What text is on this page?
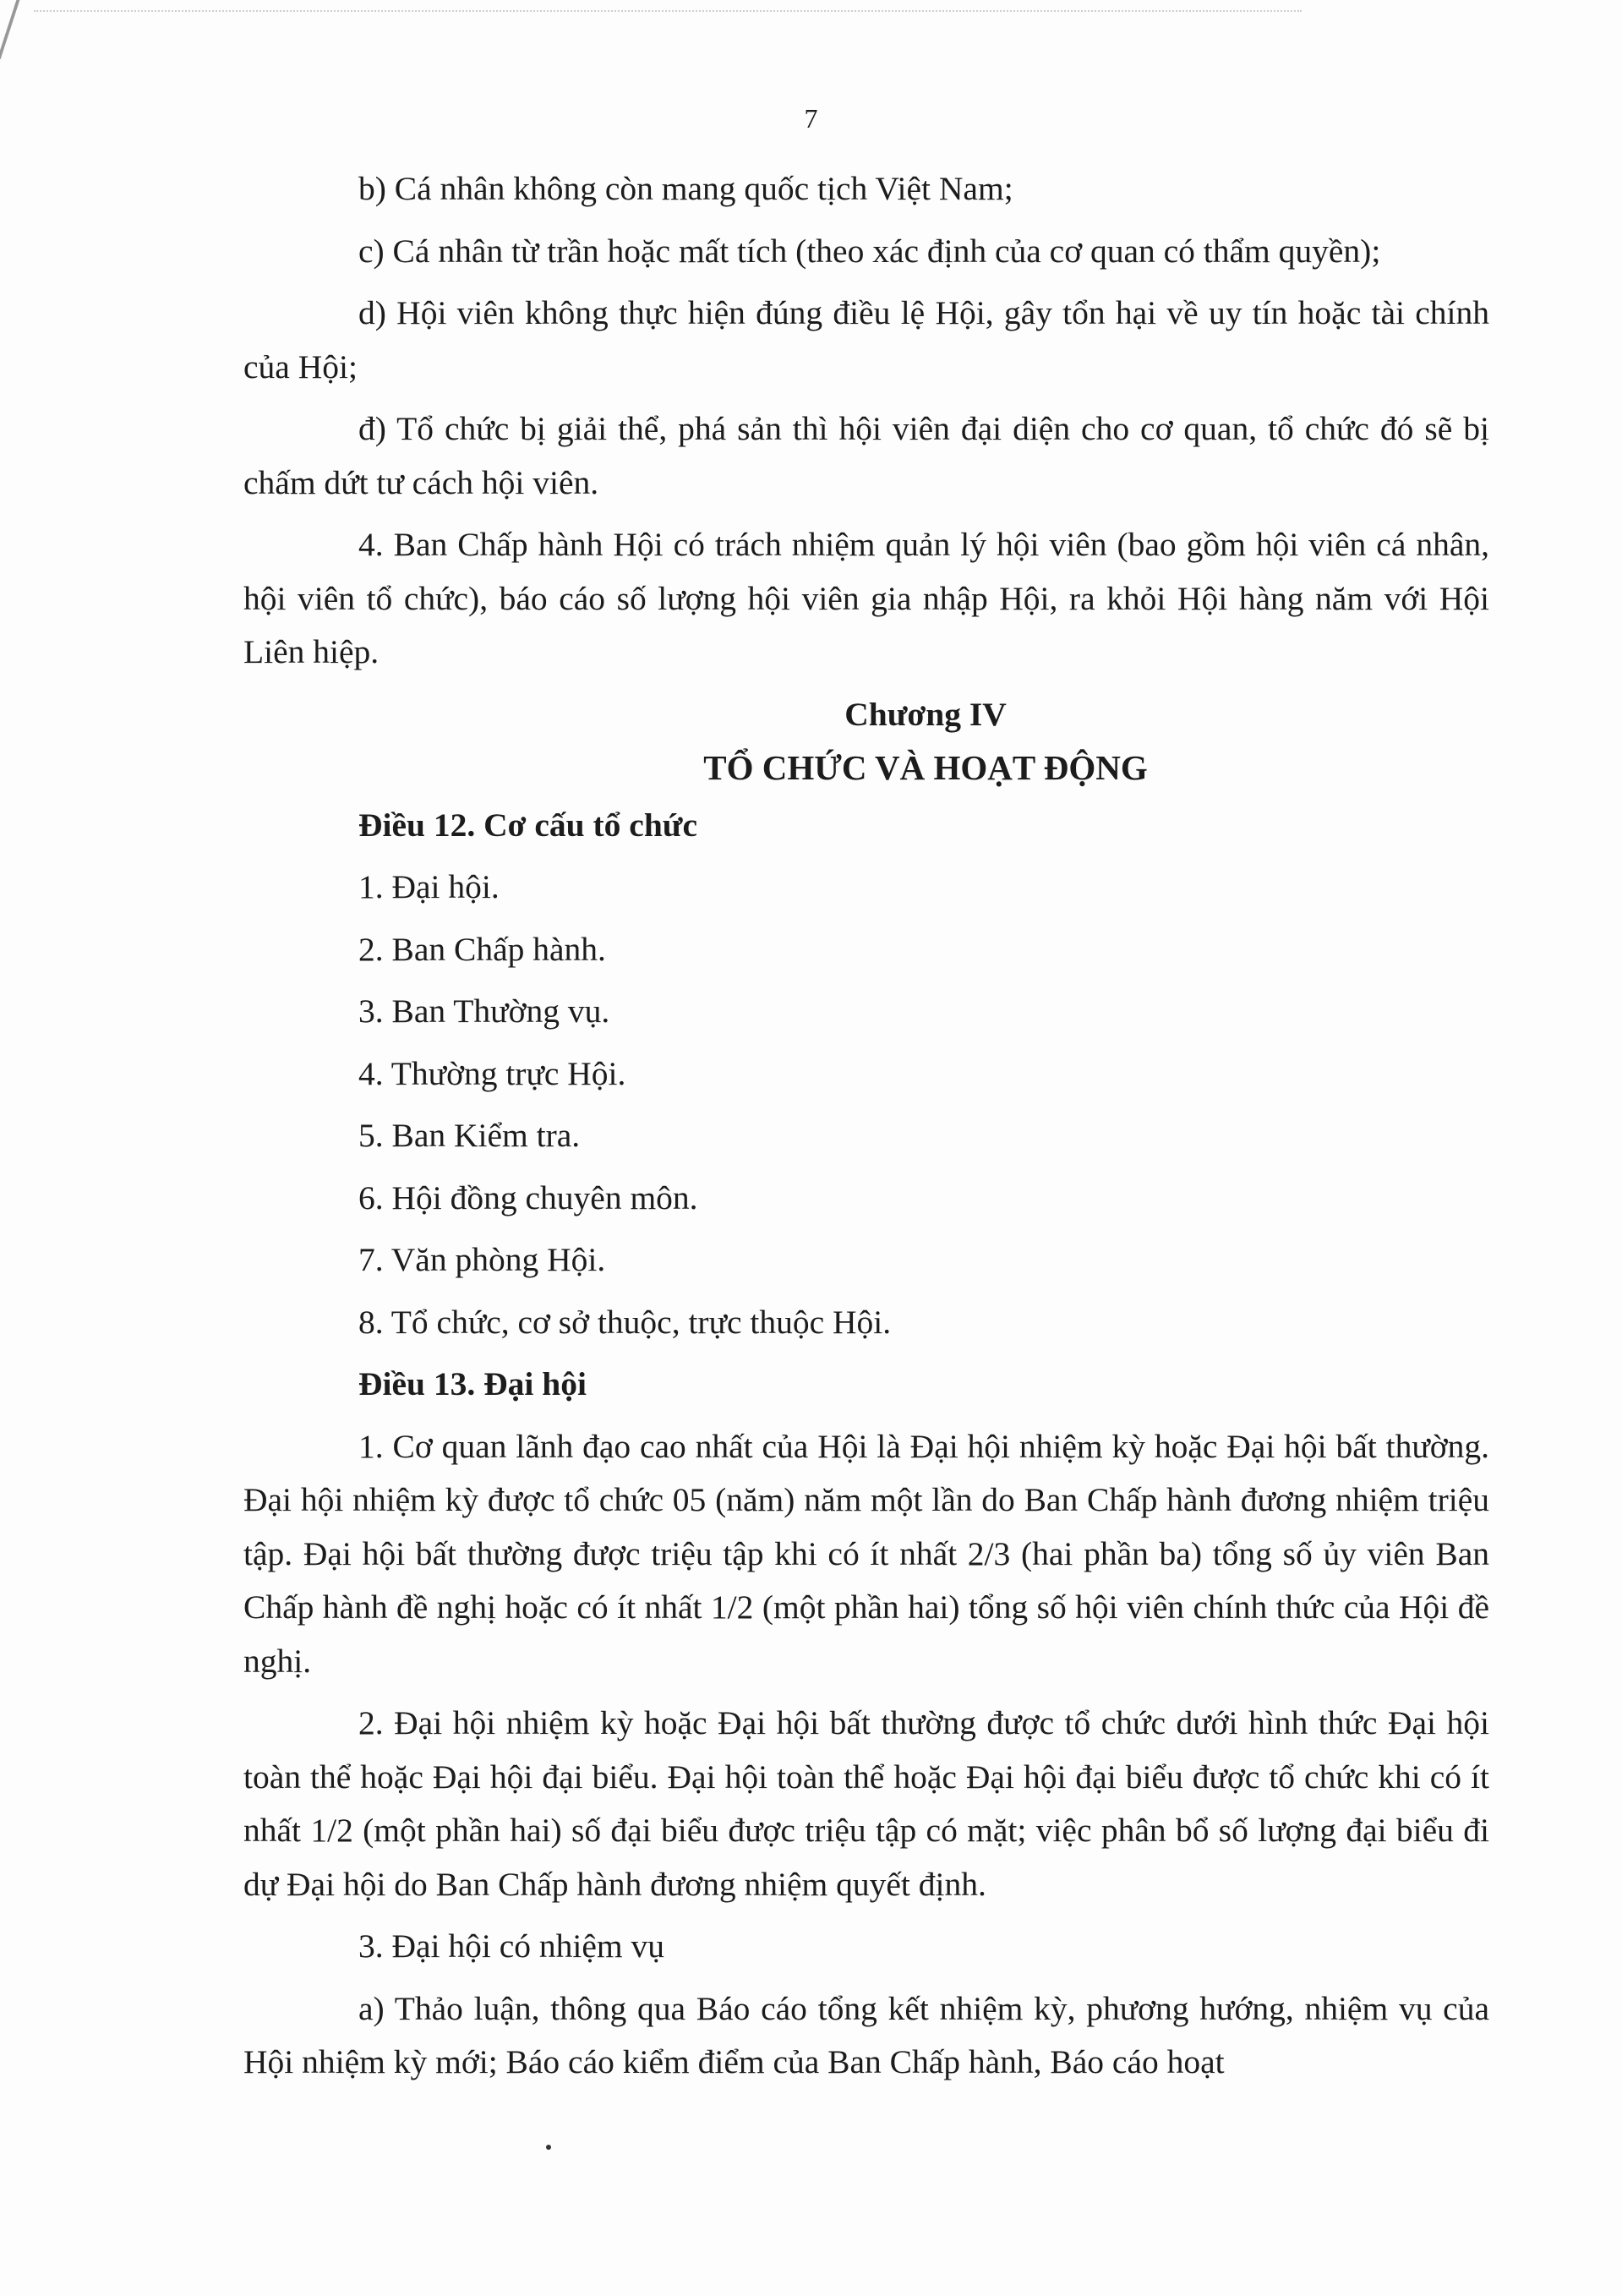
7

b) Cá nhân không còn mang quốc tịch Việt Nam;

c) Cá nhân từ trần hoặc mất tích (theo xác định của cơ quan có thẩm quyền);

d) Hội viên không thực hiện đúng điều lệ Hội, gây tổn hại về uy tín hoặc tài chính của Hội;

đ) Tổ chức bị giải thể, phá sản thì hội viên đại diện cho cơ quan, tổ chức đó sẽ bị chấm dứt tư cách hội viên.

4. Ban Chấp hành Hội có trách nhiệm quản lý hội viên (bao gồm hội viên cá nhân, hội viên tổ chức), báo cáo số lượng hội viên gia nhập Hội, ra khỏi Hội hàng năm với Hội Liên hiệp.

Chương IV

TỔ CHỨC VÀ HOẠT ĐỘNG

Điều 12. Cơ cấu tổ chức

1. Đại hội.

2. Ban Chấp hành.

3. Ban Thường vụ.

4. Thường trực Hội.

5. Ban Kiểm tra.

6. Hội đồng chuyên môn.

7. Văn phòng Hội.

8. Tổ chức, cơ sở thuộc, trực thuộc Hội.

Điều 13. Đại hội

1. Cơ quan lãnh đạo cao nhất của Hội là Đại hội nhiệm kỳ hoặc Đại hội bất thường. Đại hội nhiệm kỳ được tổ chức 05 (năm) năm một lần do Ban Chấp hành đương nhiệm triệu tập. Đại hội bất thường được triệu tập khi có ít nhất 2/3 (hai phần ba) tổng số ủy viên Ban Chấp hành đề nghị hoặc có ít nhất 1/2 (một phần hai) tổng số hội viên chính thức của Hội đề nghị.

2. Đại hội nhiệm kỳ hoặc Đại hội bất thường được tổ chức dưới hình thức Đại hội toàn thể hoặc Đại hội đại biểu. Đại hội toàn thể hoặc Đại hội đại biểu được tổ chức khi có ít nhất 1/2 (một phần hai) số đại biểu được triệu tập có mặt; việc phân bổ số lượng đại biểu đi dự Đại hội do Ban Chấp hành đương nhiệm quyết định.

3. Đại hội có nhiệm vụ

a) Thảo luận, thông qua Báo cáo tổng kết nhiệm kỳ, phương hướng, nhiệm vụ của Hội nhiệm kỳ mới; Báo cáo kiểm điểm của Ban Chấp hành, Báo cáo hoạt
